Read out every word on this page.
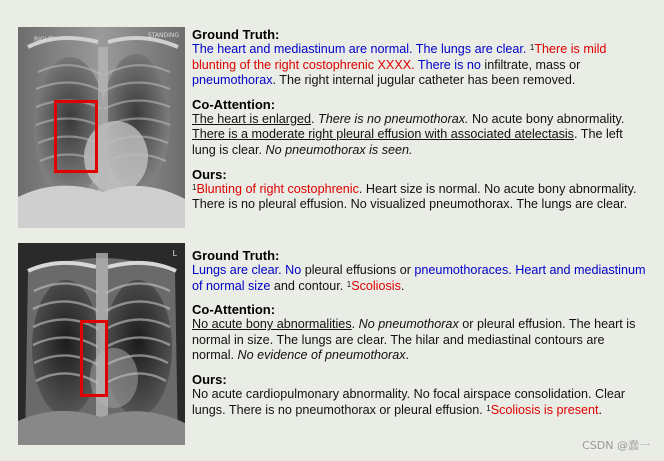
RIGHT
STANDING
L
Ground Truth:
The heart and mediastinum are normal. The lungs are clear. $^1$There is mild blunting of the right costophrenic XXXX. There is no infiltrate, mass or pneumothorax. The right internal jugular catheter has been removed.
Co-Attention:
The heart is enlarged. There is no pneumothorax. No acute bony abnormality. There is a moderate right pleural effusion with associated atelectasis. The left lung is clear. No pneumothorax is seen.
Ours:
$^1$Blunting of right costophrenic. Heart size is normal. No acute bony abnormality. There is no pleural effusion. No visualized pneumothorax. The lungs are clear.
Ground Truth:
Lungs are clear. No pleural effusions or pneumothoraces. Heart and mediastinum of normal size and contour. $^1$Scoliosis.
Co-Attention:
No acute bony abnormalities. No pneumothorax or pleural effusion. The heart is normal in size. The lungs are clear. The hilar and mediastinal contours are normal. No evidence of pneumothorax.
Ours:
No acute cardiopulmonary abnormality. No focal airspace consolidation. Clear lungs. There is no pneumothorax or pleural effusion. $^1$Scoliosis is present.
CSDN @蠢一
